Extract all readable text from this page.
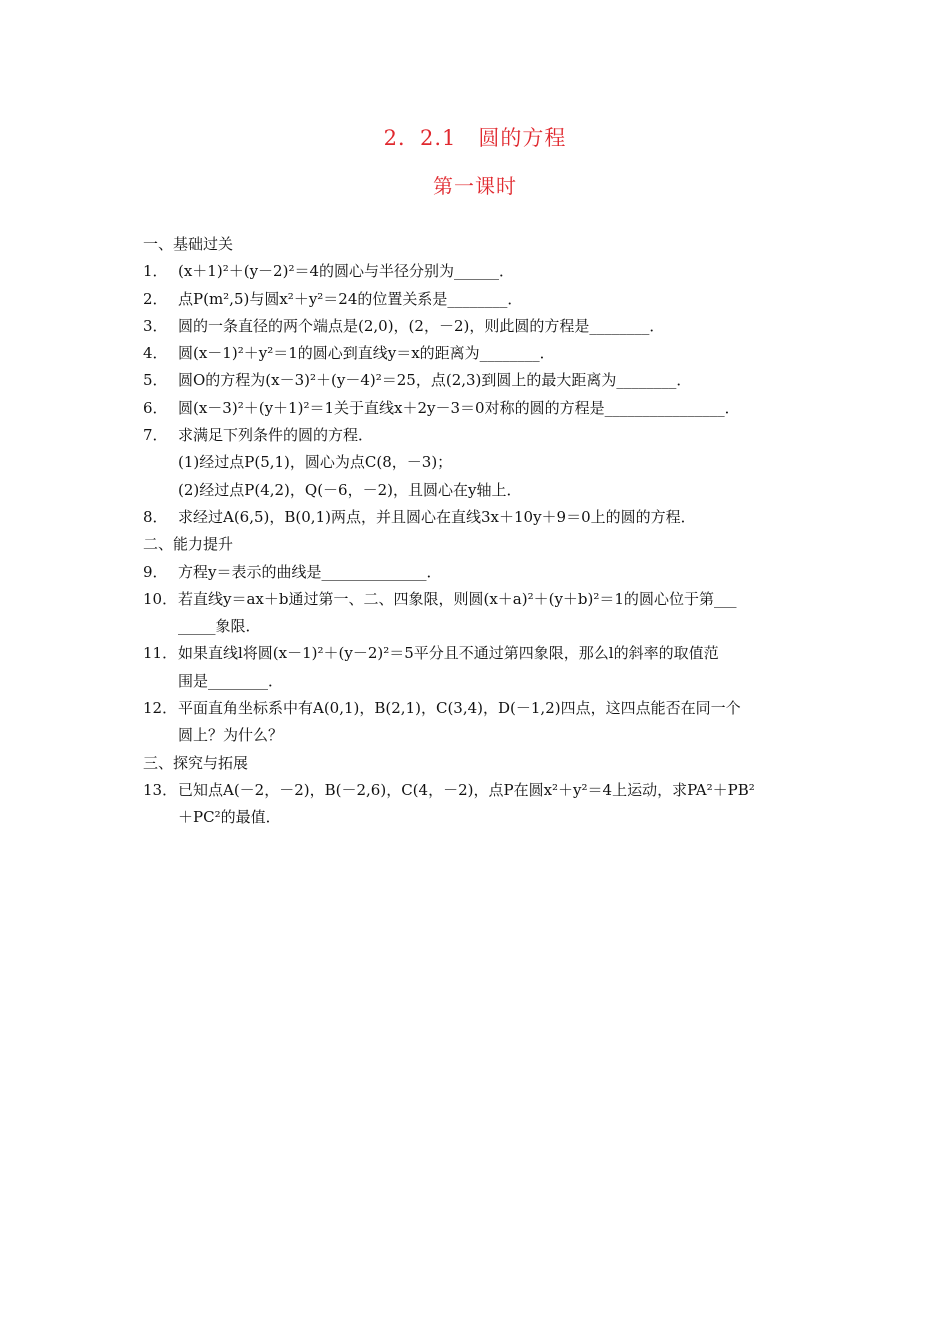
2．2.1　圆的方程
第一课时
一、基础过关
1． (x＋1)²＋(y－2)²＝4的圆心与半径分别为______．
2． 点P(m²,5)与圆x²＋y²＝24的位置关系是________．
3． 圆的一条直径的两个端点是(2,0)，(2，－2)，则此圆的方程是________．
4． 圆(x－1)²＋y²＝1的圆心到直线y＝x的距离为________．
5． 圆O的方程为(x－3)²＋(y－4)²＝25，点(2,3)到圆上的最大距离为________．
6． 圆(x－3)²＋(y＋1)²＝1关于直线x＋2y－3＝0对称的圆的方程是________________．
7． 求满足下列条件的圆的方程．
(1)经过点P(5,1)，圆心为点C(8，－3)；
(2)经过点P(4,2)，Q(－6，－2)，且圆心在y轴上．
8． 求经过A(6,5)，B(0,1)两点，并且圆心在直线3x＋10y＋9＝0上的圆的方程．
二、能力提升
9． 方程y＝表示的曲线是______________．
10． 若直线y＝ax＋b通过第一、二、四象限，则圆(x＋a)²＋(y＋b)²＝1的圆心位于第___
_____象限．
11． 如果直线l将圆(x－1)²＋(y－2)²＝5平分且不通过第四象限，那么l的斜率的取值范
围是________．
12． 平面直角坐标系中有A(0,1)，B(2,1)，C(3,4)，D(－1,2)四点，这四点能否在同一个
圆上？为什么？
三、探究与拓展
13． 已知点A(－2，－2)，B(－2,6)，C(4，－2)，点P在圆x²＋y²＝4上运动，求PA²＋PB²
＋PC²的最值．
